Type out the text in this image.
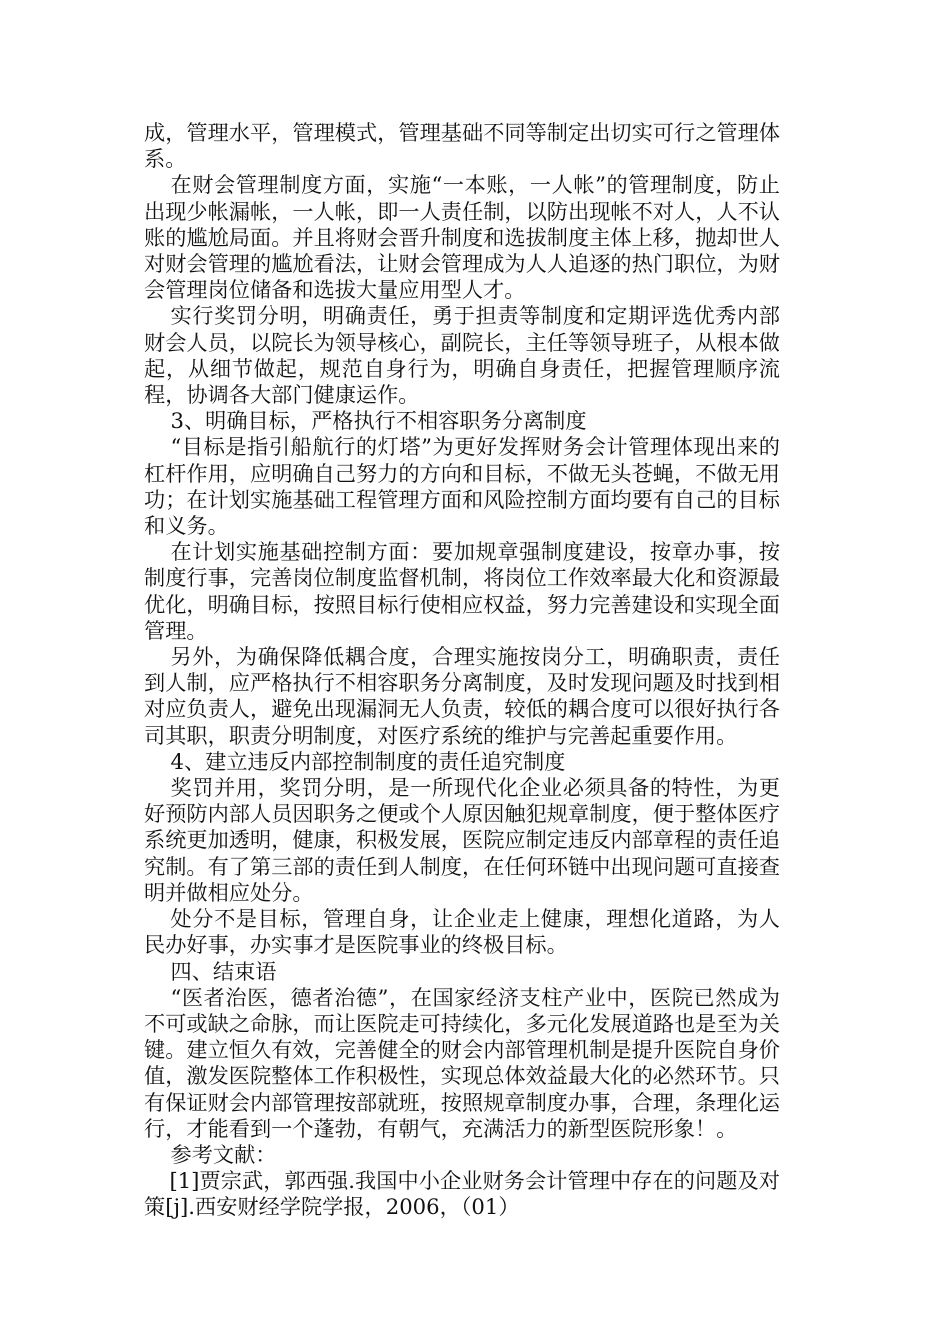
成，管理水平，管理模式，管理基础不同等制定出切实可行之管理体系。

在财会管理制度方面，实施“一本账，一人帐”的管理制度，防止出现少帐漏帐，一人帐，即一人责任制，以防出现帐不对人，人不认账的尴尬局面。并且将财会晋升制度和选拔制度主体上移，抛却世人对财会管理的尴尬看法，让财会管理成为人人追逐的热门职位，为财会管理岗位储备和选拔大量应用型人才。

实行奖罚分明，明确责任，勇于担责等制度和定期评选优秀内部财会人员，以院长为领导核心，副院长，主任等领导班子，从根本做起，从细节做起，规范自身行为，明确自身责任，把握管理顺序流程，协调各大部门健康运作。

3、明确目标，严格执行不相容职务分离制度

“目标是指引船航行的灯塔”为更好发挥财务会计管理体现出来的杠杆作用，应明确自己努力的方向和目标，不做无头苍蝇，不做无用功；在计划实施基础工程管理方面和风险控制方面均要有自己的目标和义务。

在计划实施基础控制方面：要加规章强制度建设，按章办事，按制度行事，完善岗位制度监督机制，将岗位工作效率最大化和资源最优化，明确目标，按照目标行使相应权益，努力完善建设和实现全面管理。

另外，为确保降低耦合度，合理实施按岗分工，明确职责，责任到人制，应严格执行不相容职务分离制度，及时发现问题及时找到相对应负责人，避免出现漏洞无人负责，较低的耦合度可以很好执行各司其职，职责分明制度，对医疗系统的维护与完善起重要作用。

4、建立违反内部控制制度的责任追究制度

奖罚并用，奖罚分明，是一所现代化企业必须具备的特性，为更好预防内部人员因职务之便或个人原因触犯规章制度，便于整体医疗系统更加透明，健康，积极发展，医院应制定违反内部章程的责任追究制。有了第三部的责任到人制度，在任何环链中出现问题可直接查明并做相应处分。

处分不是目标，管理自身，让企业走上健康，理想化道路，为人民办好事，办实事才是医院事业的终极目标。

四、结束语

“医者治医，德者治德”，在国家经济支柱产业中，医院已然成为不可或缺之命脉，而让医院走可持续化，多元化发展道路也是至为关键。建立恒久有效，完善健全的财会内部管理机制是提升医院自身价值，激发医院整体工作积极性，实现总体效益最大化的必然环节。只有保证财会内部管理按部就班，按照规章制度办事，合理，条理化运行，才能看到一个蓬勃，有朝气，充满活力的新型医院形象！。

参考文献：

[1]贾宗武，郭西强.我国中小企业财务会计管理中存在的问题及对策[j].西安财经学院学报，2006，（01）
